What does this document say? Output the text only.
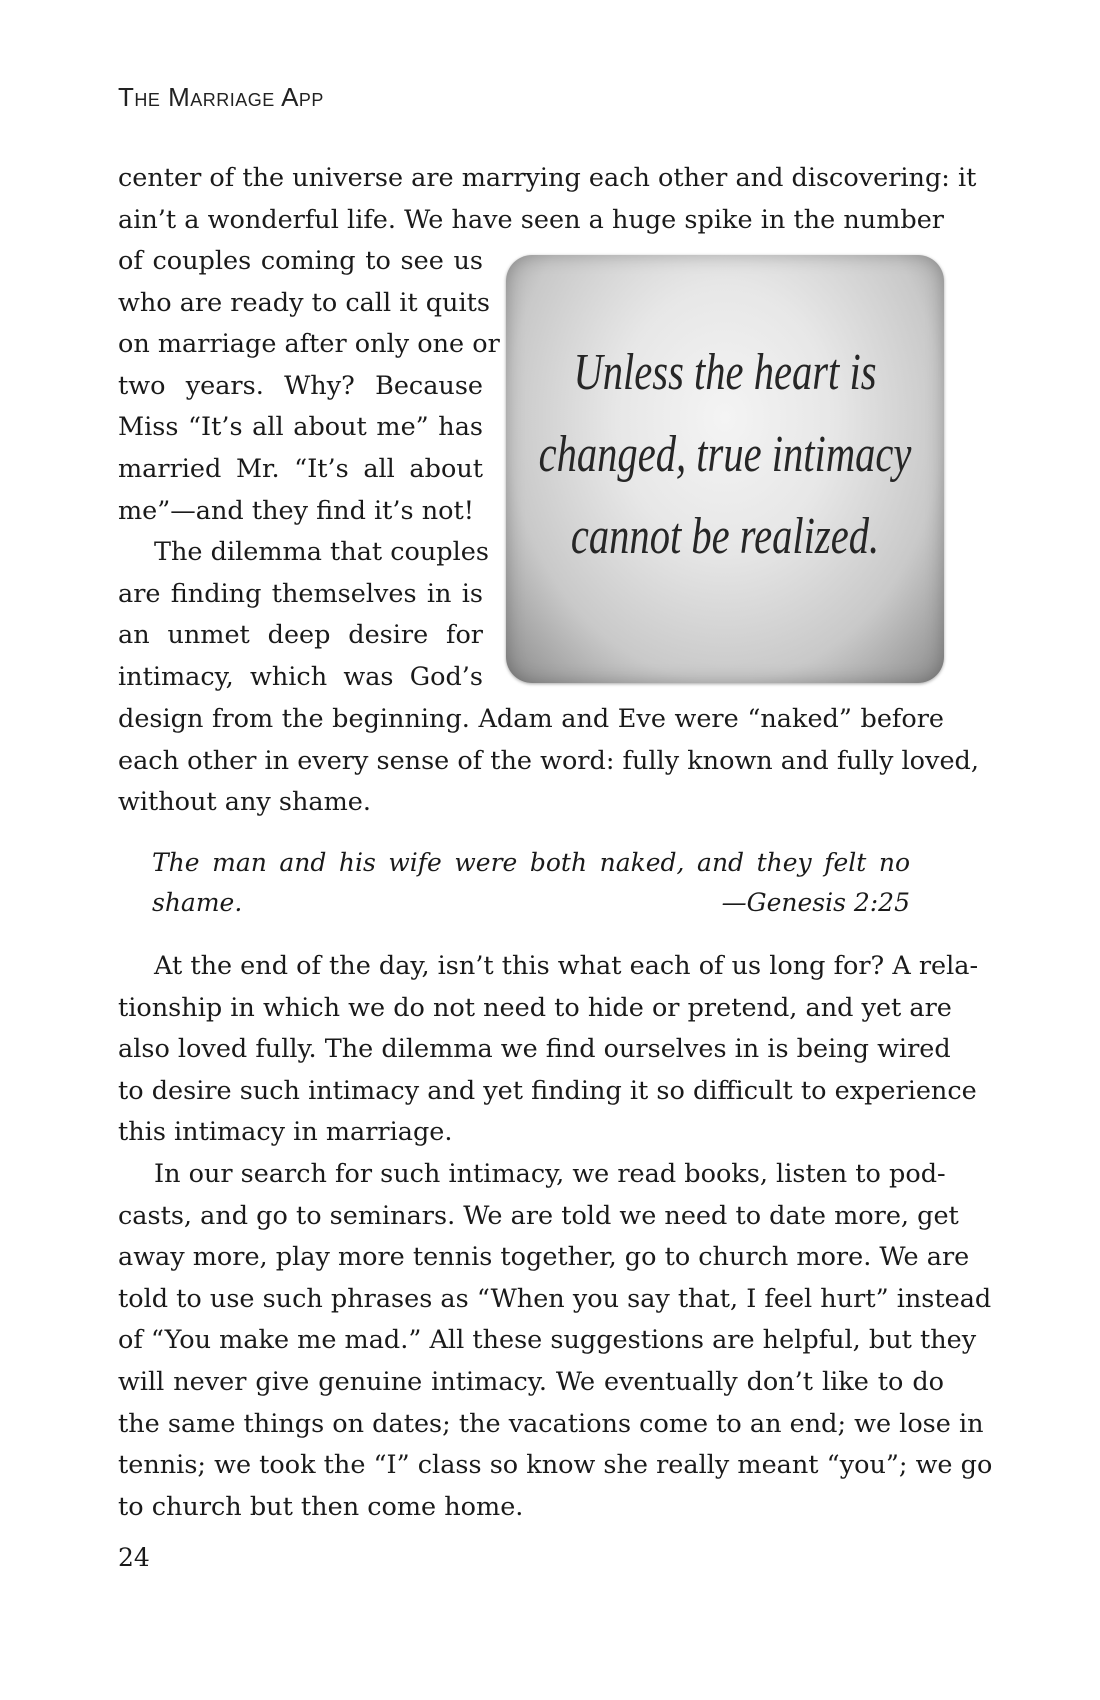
The Marriage App
center of the universe are marrying each other and discovering: it
ain’t a wonderful life. We have seen a huge spike in the number
of couples coming to see us
who are ready to call it quits
on marriage after only one or
two years. Why? Because
Miss “It’s all about me” has
married Mr. “It’s all about
me”—and they find it’s not!
The dilemma that couples
are finding themselves in is
an unmet deep desire for
intimacy, which was God’s
Unless the heart is
changed, true intimacy
cannot be realized.
design from the beginning. Adam and Eve were “naked” before
each other in every sense of the word: fully known and fully loved,
without any shame.
The man and his wife were both naked, and they felt no
shame.	—Genesis 2:25
At the end of the day, isn’t this what each of us long for? A rela-
tionship in which we do not need to hide or pretend, and yet are
also loved fully. The dilemma we find ourselves in is being wired
to desire such intimacy and yet finding it so difficult to experience
this intimacy in marriage.
In our search for such intimacy, we read books, listen to pod-
casts, and go to seminars. We are told we need to date more, get
away more, play more tennis together, go to church more. We are
told to use such phrases as “When you say that, I feel hurt” instead
of “You make me mad.” All these suggestions are helpful, but they
will never give genuine intimacy. We eventually don’t like to do
the same things on dates; the vacations come to an end; we lose in
tennis; we took the “I” class so know she really meant “you”; we go
to church but then come home.
24
